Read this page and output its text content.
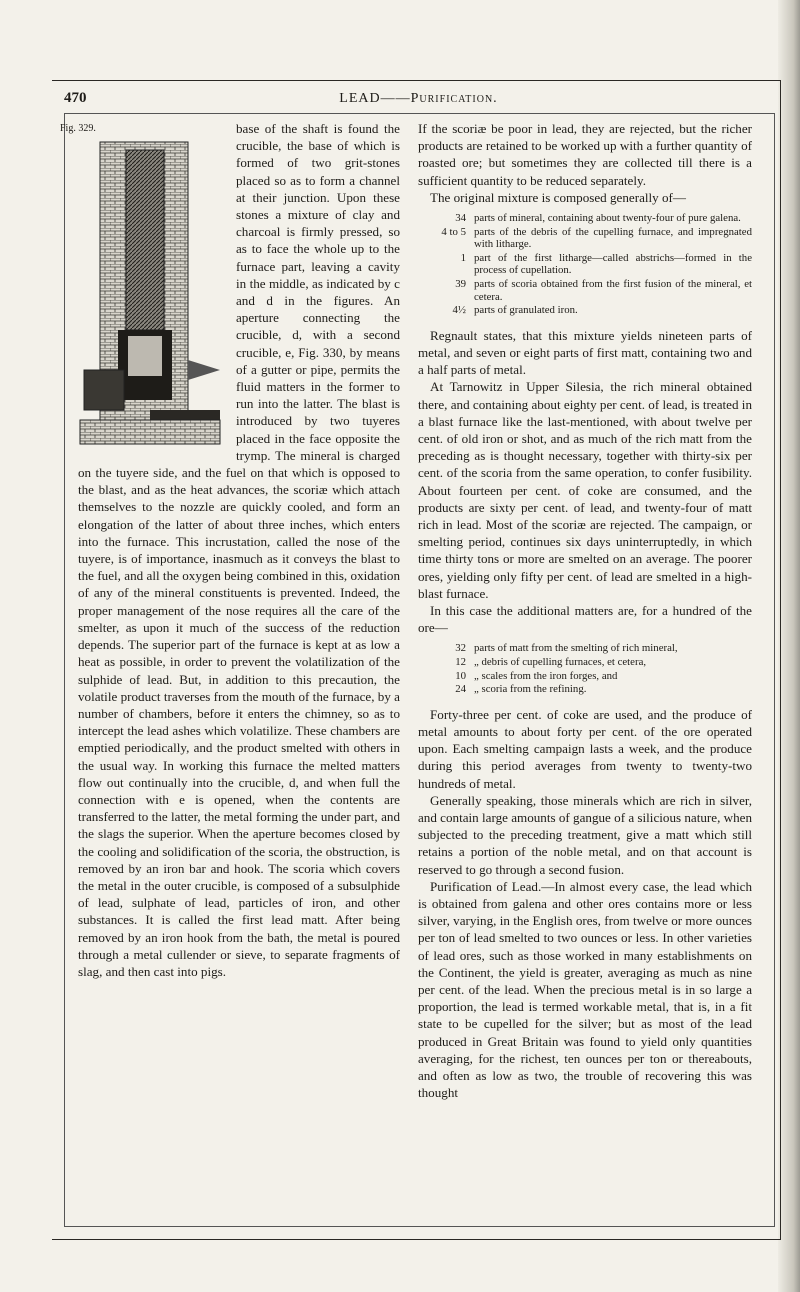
470	LEAD——Purification.
Fig. 329.	base of the shaft is found the crucible, the base of which is formed of two grit-stones placed so as to form a channel at their junction. Upon these stones a mixture of clay and charcoal is firmly pressed, so as to face the whole up to the furnace part, leaving a cavity in the middle, as indicated by c and d in the figures. An aperture connecting the crucible, d, with a second crucible, e, Fig. 330, by means of a gutter or pipe, permits the fluid matters in the former to run into the latter. The blast is introduced by two tuyeres placed in the face opposite the trymp. The mineral is charged on the tuyere side, and the fuel on that which is opposed to the blast, and as the heat advances, the scoriæ which attach themselves to the nozzle are quickly cooled, and form an elongation of the latter of about three inches, which enters into the furnace. This incrustation, called the nose of the tuyere, is of importance, inasmuch as it conveys the blast to the fuel, and all the oxygen being combined in this, oxidation of any of the mineral constituents is prevented. Indeed, the proper management of the nose requires all the care of the smelter, as upon it much of the success of the reduction depends. The superior part of the furnace is kept at as low a heat as possible, in order to prevent the volatilization of the sulphide of lead. But, in addition to this precaution, the volatile product traverses from the mouth of the furnace, by a number of chambers, before it enters the chimney, so as to intercept the lead ashes which volatilize. These chambers are emptied periodically, and the product smelted with others in the usual way. In working this furnace the melted matters flow out continually into the crucible, d, and when full the connection with e is opened, when the contents are transferred to the latter, the metal forming the under part, and the slags the superior. When the aperture becomes closed by the cooling and solidification of the scoria, the obstruction, is removed by an iron bar and hook. The scoria which covers the metal in the outer crucible, is composed of a subsulphide of lead, sulphate of lead, particles of iron, and other substances. It is called the first lead matt. After being removed by an iron hook from the bath, the metal is poured through a metal cullender or sieve, to separate fragments of slag, and then cast into pigs.

If the scoriæ be poor in lead, they are rejected, but the richer products are retained to be worked up with a further quantity of roasted ore; but sometimes they are collected till there is a sufficient quantity to be reduced separately.

The original mixture is composed generally of—

34 parts of mineral, containing about twenty-four of pure galena.
4 to 5 parts of the debris of the cupelling furnace, and impregnated with litharge.
1 part of the first litharge—called abstrichs—formed in the process of cupellation.
39 parts of scoria obtained from the first fusion of the mineral, et cetera.
4½ parts of granulated iron.

Regnault states, that this mixture yields nineteen parts of metal, and seven or eight parts of first matt, containing two and a half parts of metal.

At Tarnowitz in Upper Silesia, the rich mineral obtained there, and containing about eighty per cent. of lead, is treated in a blast furnace like the last-mentioned, with about twelve per cent. of old iron or shot, and as much of the rich matt from the preceding as is thought necessary, together with thirty-six per cent. of the scoria from the same operation, to confer fusibility. About fourteen per cent. of coke are consumed, and the products are sixty per cent. of lead, and twenty-four of matt rich in lead. Most of the scoriæ are rejected. The campaign, or smelting period, continues six days uninterruptedly, in which time thirty tons or more are smelted on an average. The poorer ores, yielding only fifty per cent. of lead are smelted in a high-blast furnace.

In this case the additional matters are, for a hundred of the ore—

32 parts of matt from the smelting of rich mineral,
12 „ debris of cupelling furnaces, et cetera,
10 „ scales from the iron forges, and
24 „ scoria from the refining.

Forty-three per cent. of coke are used, and the produce of metal amounts to about forty per cent. of the ore operated upon. Each smelting campaign lasts a week, and the produce during this period averages from twenty to twenty-two hundreds of metal.

Generally speaking, those minerals which are rich in silver, and contain large amounts of gangue of a silicious nature, when subjected to the preceding treatment, give a matt which still retains a portion of the noble metal, and on that account is reserved to go through a second fusion.

Purification of Lead.—In almost every case, the lead which is obtained from galena and other ores contains more or less silver, varying, in the English ores, from twelve or more ounces per ton of lead smelted to two ounces or less. In other varieties of lead ores, such as those worked in many establishments on the Continent, the yield is greater, averaging as much as nine per cent. of the lead. When the precious metal is in so large a proportion, the lead is termed workable metal, that is, in a fit state to be cupelled for the silver; but as most of the lead produced in Great Britain was found to yield only quantities averaging, for the richest, ten ounces per ton or thereabouts, and often as low as two, the trouble of recovering this was thought
